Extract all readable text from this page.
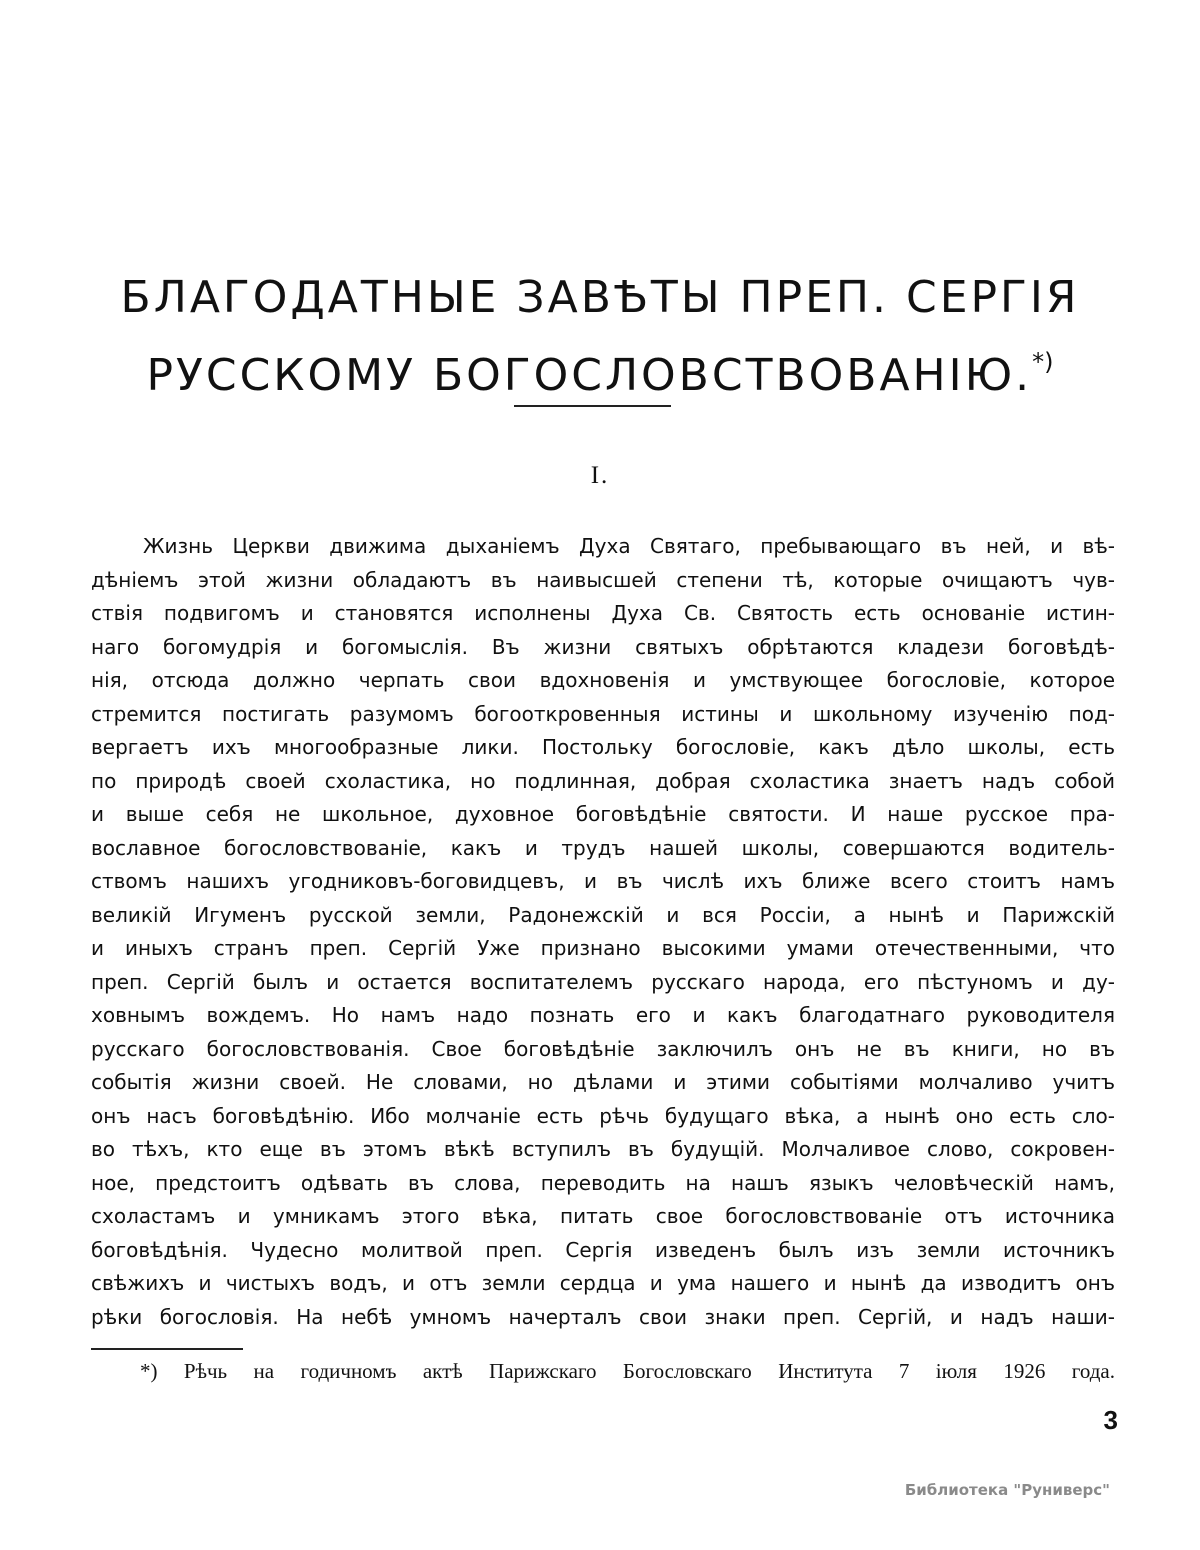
БЛАГОДАТНЫЕ ЗАВѢТЫ ПРЕП. СЕРГІЯ
РУССКОМУ БОГОСЛОВСТВОВАНІЮ.*)
I.
Жизнь Церкви движима дыханіемъ Духа Святаго, пребывающаго въ ней, и вѣ-
дѣніемъ этой жизни обладаютъ въ наивысшей степени тѣ, которые очищаютъ чув-
ствія подвигомъ и становятся исполнены Духа Св. Святость есть основаніе истин-
наго богомудрія и богомыслія. Въ жизни святыхъ обрѣтаются кладези боговѣдѣ-
нія, отсюда должно черпать свои вдохновенія и умствующее богословіе, которое
стремится постигать разумомъ богооткровенныя истины и школьному изученію под-
вергаетъ ихъ многообразные лики. Постольку богословіе, какъ дѣло школы, есть
по природѣ своей схоластика, но подлинная, добрая схоластика знаетъ надъ собой
и выше себя не школьное, духовное боговѣдѣніе святости. И наше русское пра-
вославное богословствованіе, какъ и трудъ нашей школы, совершаются водитель-
ствомъ нашихъ угодниковъ-боговидцевъ, и въ числѣ ихъ ближе всего стоитъ намъ
великій Игуменъ русской земли, Радонежскій и вся Россіи, а нынѣ и Парижскій
и иныхъ странъ преп. Сергій Уже признано высокими умами отечественными, что
преп. Сергій былъ и остается воспитателемъ русскаго народа, его пѣстуномъ и ду-
ховнымъ вождемъ. Но намъ надо познать его и какъ благодатнаго руководителя
русскаго богословствованія. Свое боговѣдѣніе заключилъ онъ не въ книги, но въ
событія жизни своей. Не словами, но дѣлами и этими событіями молчаливо учитъ
онъ насъ боговѣдѣнію. Ибо молчаніе есть рѣчь будущаго вѣка, а нынѣ оно есть сло-
во тѣхъ, кто еще въ этомъ вѣкѣ вступилъ въ будущій. Молчаливое слово, сокровен-
ное, предстоитъ одѣвать въ слова, переводить на нашъ языкъ человѣческій намъ,
схоластамъ и умникамъ этого вѣка, питать свое богословствованіе отъ источника
боговѣдѣнія. Чудесно молитвой преп. Сергія изведенъ былъ изъ земли источникъ
свѣжихъ и чистыхъ водъ, и отъ земли сердца и ума нашего и нынѣ да изводитъ онъ
рѣки богословія. На небѣ умномъ начерталъ свои знаки преп. Сергій, и надъ наши-
*) Рѣчь на годичномъ актѣ Парижскаго Богословскаго Института 7 іюля 1926 года.
3
Библиотека "Руниверс"
